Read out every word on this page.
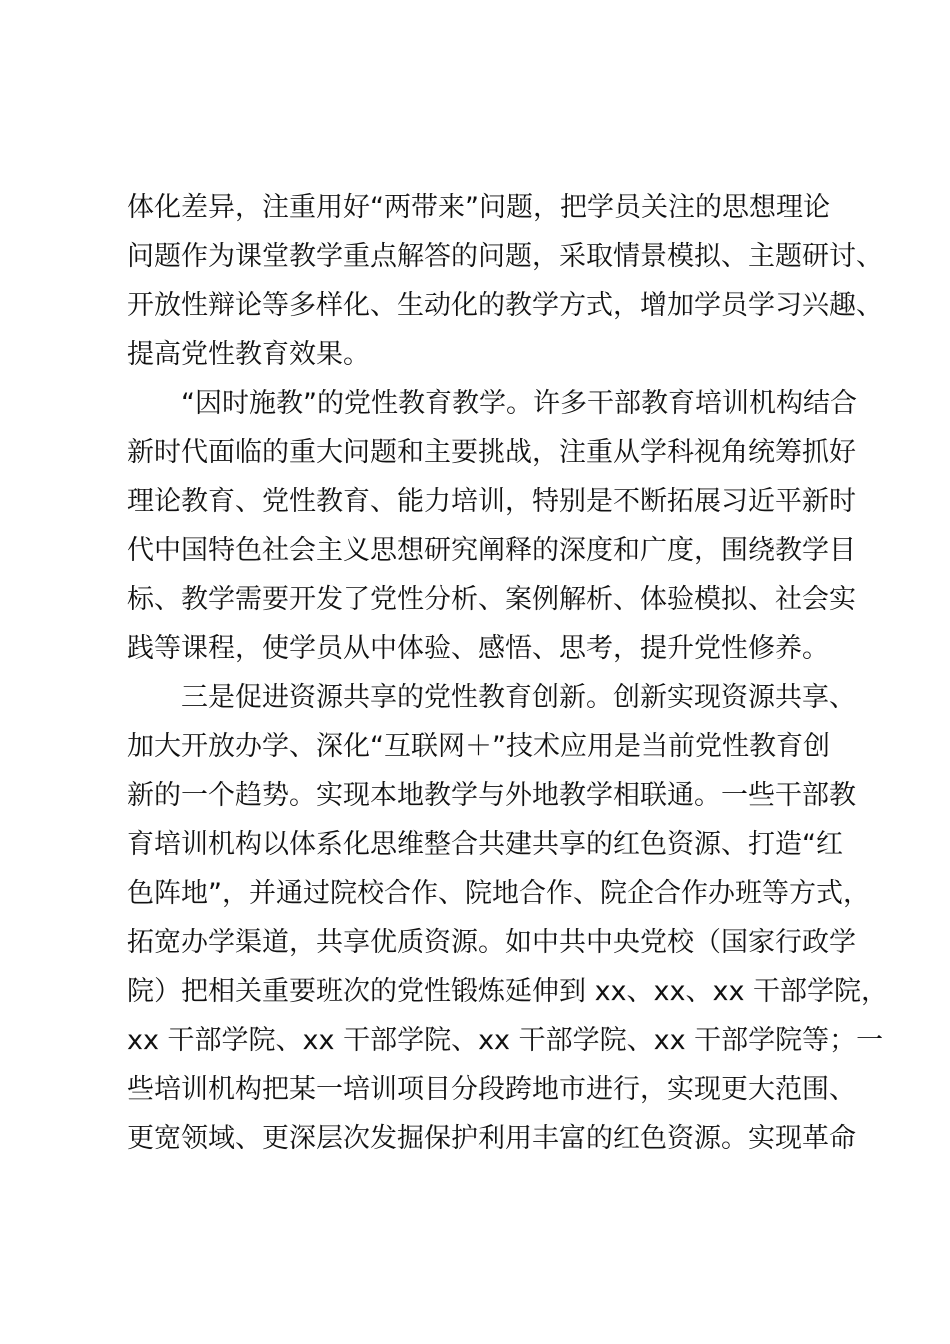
体化差异，注重用好“两带来”问题，把学员关注的思想理论
问题作为课堂教学重点解答的问题，采取情景模拟、主题研讨、
开放性辩论等多样化、生动化的教学方式，增加学员学习兴趣、
提高党性教育效果。
　　“因时施教”的党性教育教学。许多干部教育培训机构结合
新时代面临的重大问题和主要挑战，注重从学科视角统筹抓好
理论教育、党性教育、能力培训，特别是不断拓展习近平新时
代中国特色社会主义思想研究阐释的深度和广度，围绕教学目
标、教学需要开发了党性分析、案例解析、体验模拟、社会实
践等课程，使学员从中体验、感悟、思考，提升党性修养。
　　三是促进资源共享的党性教育创新。创新实现资源共享、
加大开放办学、深化“互联网＋”技术应用是当前党性教育创
新的一个趋势。实现本地教学与外地教学相联通。一些干部教
育培训机构以体系化思维整合共建共享的红色资源、打造“红
色阵地”，并通过院校合作、院地合作、院企合作办班等方式，
拓宽办学渠道，共享优质资源。如中共中央党校（国家行政学
院）把相关重要班次的党性锻炼延伸到 xx、xx、xx 干部学院，
xx 干部学院、xx 干部学院、xx 干部学院、xx 干部学院等；一
些培训机构把某一培训项目分段跨地市进行，实现更大范围、
更宽领域、更深层次发掘保护利用丰富的红色资源。实现革命
